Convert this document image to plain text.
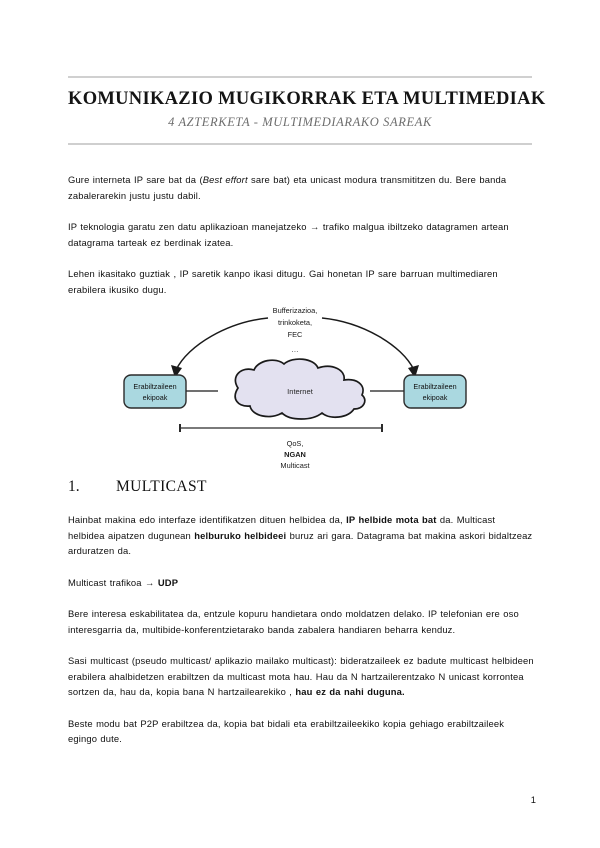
KOMUNIKAZIO MUGIKORRAK ETA MULTIMEDIAK
4 AZTERKETA - MULTIMEDIARAKO SAREAK

Gure interneta IP sare bat da (Best effort sare bat) eta unicast modura transmititzen du. Bere banda zabalerarekin justu justu dabil.

IP teknologia garatu zen datu aplikazioan manejatzeko → trafiko malgua ibiltzeko datagramen artean datagrama tarteak ez berdinak izatea.

Lehen ikasitako guztiak , IP saretik kanpo ikasi ditugu. Gai honetan IP sare barruan multimediaren erabilera ikusiko dugu.

Bufferizazioa,
trinkoketa,
FEC
…
Internet
Erabiltzaileen
ekipoak
Erabiltzaileen
ekipoak
QoS,
NGAN
Multicast
1.	MULTICAST

Hainbat makina edo interfaze identifikatzen dituen helbidea da, IP helbide mota bat da. Multicast helbidea aipatzen dugunean helburuko helbideei buruz ari gara. Datagrama bat makina askori bidaltzeaz arduratzen da.

Multicast trafikoa → UDP

Bere interesa eskabilitatea da, entzule kopuru handietara ondo moldatzen delako. IP telefonian ere oso interesgarria da, multibide-konferentzietarako banda zabalera handiaren beharra kenduz.

Sasi multicast (pseudo multicast/ aplikazio mailako multicast): bideratzaileek ez badute multicast helbideen erabilera ahalbidetzen erabiltzen da multicast mota hau. Hau da N hartzailerentzako N unicast korrontea sortzen da, hau da, kopia bana N hartzailearekiko , hau ez da nahi duguna.

Beste modu bat P2P erabiltzea da, kopia bat bidali eta erabiltzaileekiko kopia gehiago erabiltzaileek egingo dute.

1
